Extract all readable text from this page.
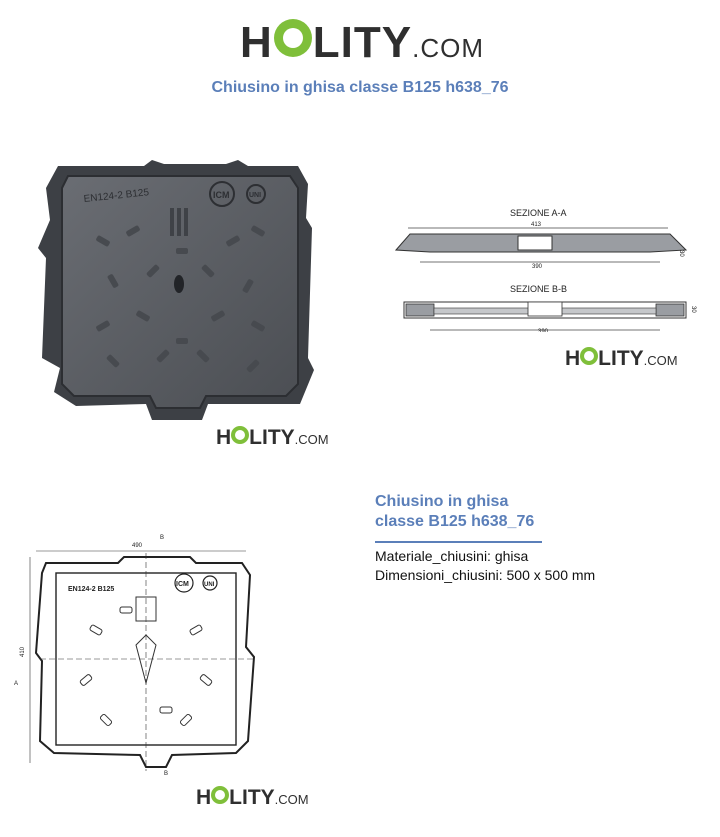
H LITY .COM
Chiusino in ghisa classe B125 h638_76
EN124-2 B125	ICM	UNI
H LITY .COM
SEZIONE A-A
413
390
30
SEZIONE B-B
390
30
H LITY .COM
Chiusino in ghisa
classe B125 h638_76
Materiale_chiusini: ghisa
Dimensioni_chiusini: 500 x 500 mm
490
B
410
A
EN124-2 B125
ICM	UNI
B
H LITY .COM
